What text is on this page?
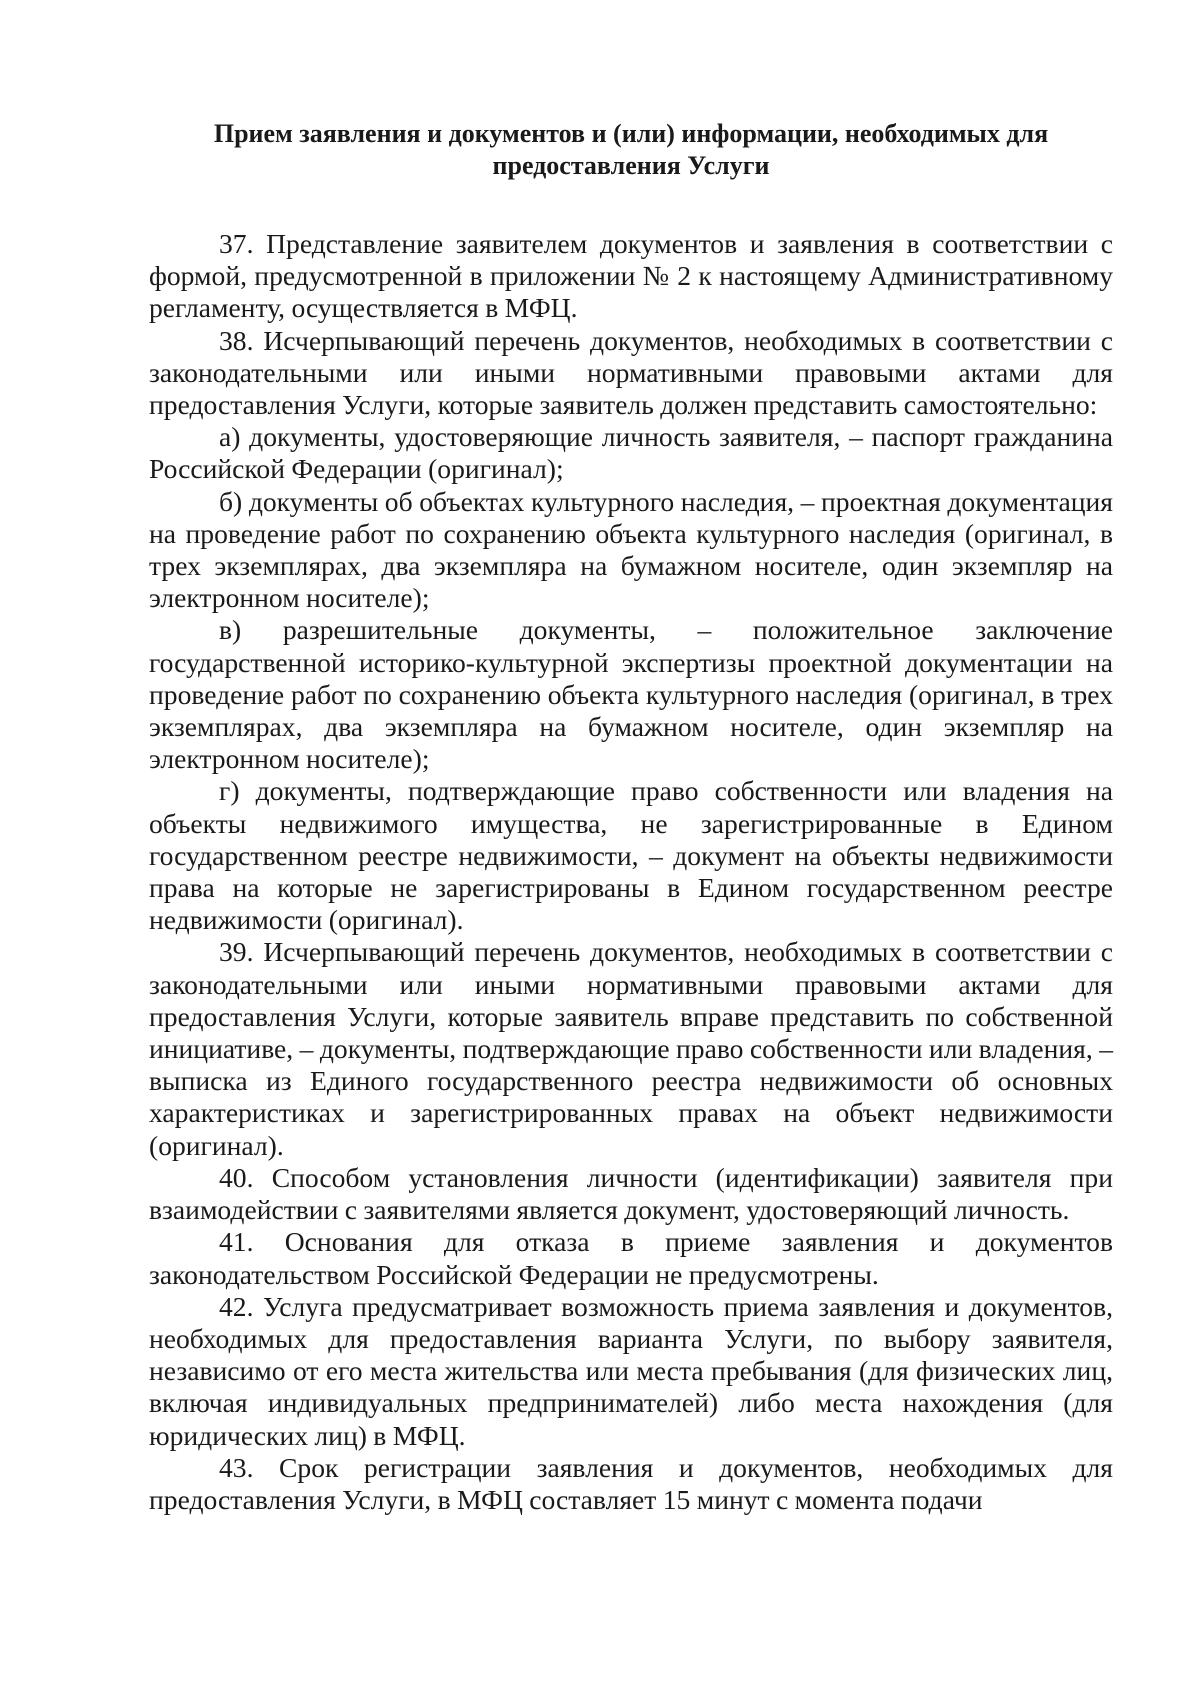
Прием заявления и документов и (или) информации, необходимых для
предоставления Услуги

37. Представление заявителем документов и заявления в соответствии с формой, предусмотренной в приложении № 2 к настоящему Административному регламенту, осуществляется в МФЦ.

38. Исчерпывающий перечень документов, необходимых в соответствии с законодательными или иными нормативными правовыми актами для предоставления Услуги, которые заявитель должен представить самостоятельно:

а) документы, удостоверяющие личность заявителя, – паспорт гражданина Российской Федерации (оригинал);

б) документы об объектах культурного наследия, – проектная документация на проведение работ по сохранению объекта культурного наследия (оригинал, в трех экземплярах, два экземпляра на бумажном носителе, один экземпляр на электронном носителе);

в) разрешительные документы, – положительное заключение государственной историко-культурной экспертизы проектной документации на проведение работ по сохранению объекта культурного наследия (оригинал, в трех экземплярах, два экземпляра на бумажном носителе, один экземпляр на электронном носителе);

г) документы, подтверждающие право собственности или владения на объекты недвижимого имущества, не зарегистрированные в Едином государственном реестре недвижимости, – документ на объекты недвижимости права на которые не зарегистрированы в Едином государственном реестре недвижимости (оригинал).

39. Исчерпывающий перечень документов, необходимых в соответствии с законодательными или иными нормативными правовыми актами для предоставления Услуги, которые заявитель вправе представить по собственной инициативе, – документы, подтверждающие право собственности или владения, – выписка из Единого государственного реестра недвижимости об основных характеристиках и зарегистрированных правах на объект недвижимости (оригинал).

40. Способом установления личности (идентификации) заявителя при взаимодействии с заявителями является документ, удостоверяющий личность.

41. Основания для отказа в приеме заявления и документов законодательством Российской Федерации не предусмотрены.

42. Услуга предусматривает возможность приема заявления и документов, необходимых для предоставления варианта Услуги, по выбору заявителя, независимо от его места жительства или места пребывания (для физических лиц, включая индивидуальных предпринимателей) либо места нахождения (для юридических лиц) в МФЦ.

43. Срок регистрации заявления и документов, необходимых для предоставления Услуги, в МФЦ составляет 15 минут с момента подачи
